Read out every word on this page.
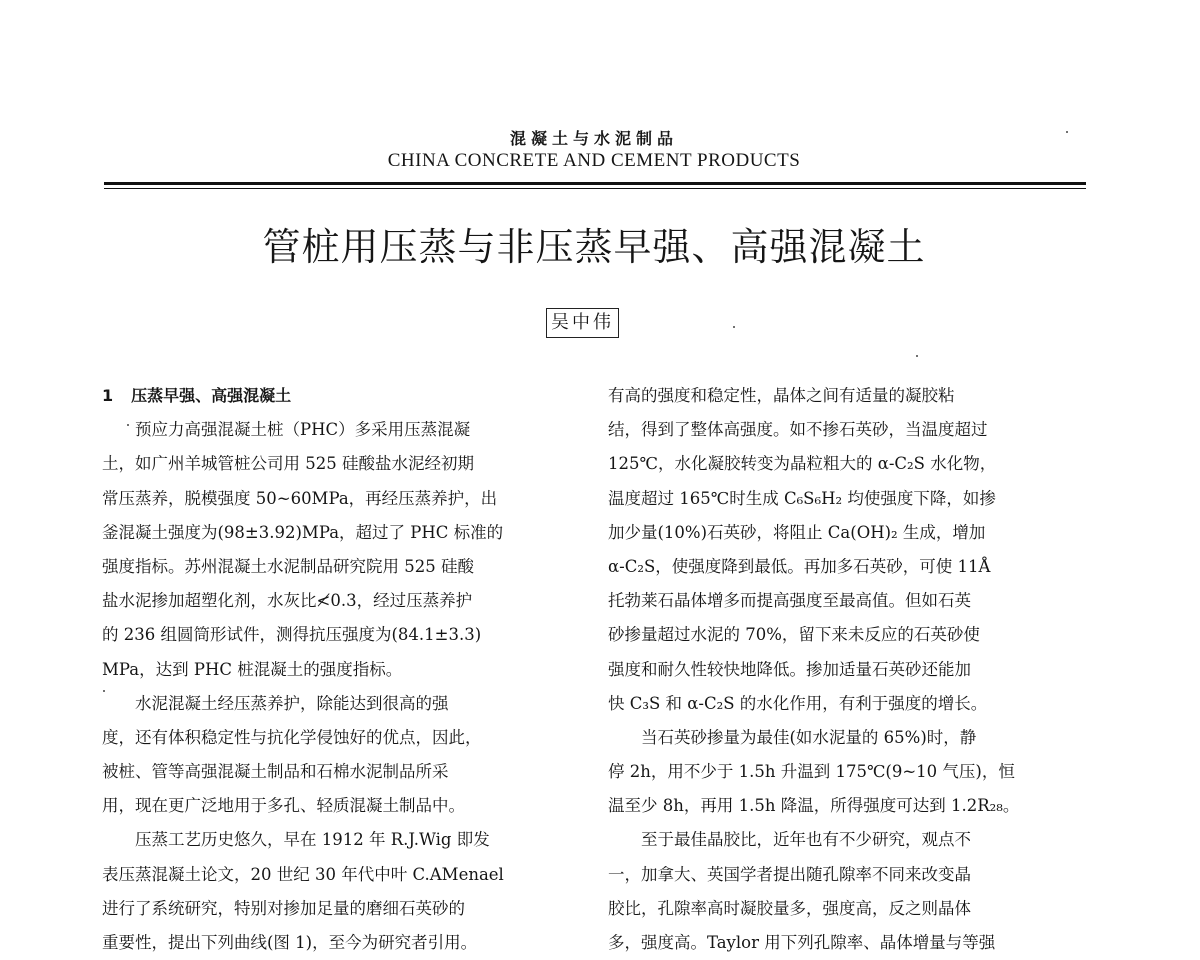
混凝土与水泥制品
CHINA CONCRETE AND CEMENT PRODUCTS
管桩用压蒸与非压蒸早强、高强混凝土
吴中伟
1 压蒸早强、高强混凝土
预应力高强混凝土桩（PHC）多采用压蒸混凝
土，如广州羊城管桩公司用 525 硅酸盐水泥经初期
常压蒸养，脱模强度 50~60MPa，再经压蒸养护，出
釜混凝土强度为(98±3.92)MPa，超过了 PHC 标准的
强度指标。苏州混凝土水泥制品研究院用 525 硅酸
盐水泥掺加超塑化剂，水灰比≮0.3，经过压蒸养护
的 236 组圆筒形试件，测得抗压强度为(84.1±3.3)
MPa，达到 PHC 桩混凝土的强度指标。
水泥混凝土经压蒸养护，除能达到很高的强
度，还有体积稳定性与抗化学侵蚀好的优点，因此，
被桩、管等高强混凝土制品和石棉水泥制品所采
用，现在更广泛地用于多孔、轻质混凝土制品中。
压蒸工艺历史悠久，早在 1912 年 R.J.Wig 即发
表压蒸混凝土论文，20 世纪 30 年代中叶 C.AMenael
进行了系统研究，特别对掺加足量的磨细石英砂的
重要性，提出下列曲线(图 1)，至今为研究者引用。
有高的强度和稳定性，晶体之间有适量的凝胶粘
结，得到了整体高强度。如不掺石英砂，当温度超过
125℃，水化凝胶转变为晶粒粗大的 α-C₂S 水化物，
温度超过 165℃时生成 C₆S₆H₂ 均使强度下降，如掺
加少量(10%)石英砂，将阻止 Ca(OH)₂ 生成，增加
α-C₂S，使强度降到最低。再加多石英砂，可使 11Å
托勃莱石晶体增多而提高强度至最高值。但如石英
砂掺量超过水泥的 70%，留下来未反应的石英砂使
强度和耐久性较快地降低。掺加适量石英砂还能加
快 C₃S 和 α-C₂S 的水化作用，有利于强度的增长。
当石英砂掺量为最佳(如水泥量的 65%)时，静
停 2h，用不少于 1.5h 升温到 175℃(9~10 气压)，恒
温至少 8h，再用 1.5h 降温，所得强度可达到 1.2R₂₈。
至于最佳晶胶比，近年也有不少研究，观点不
一，加拿大、英国学者提出随孔隙率不同来改变晶
胶比，孔隙率高时凝胶量多，强度高，反之则晶体
多，强度高。Taylor 用下列孔隙率、晶体增量与等强
